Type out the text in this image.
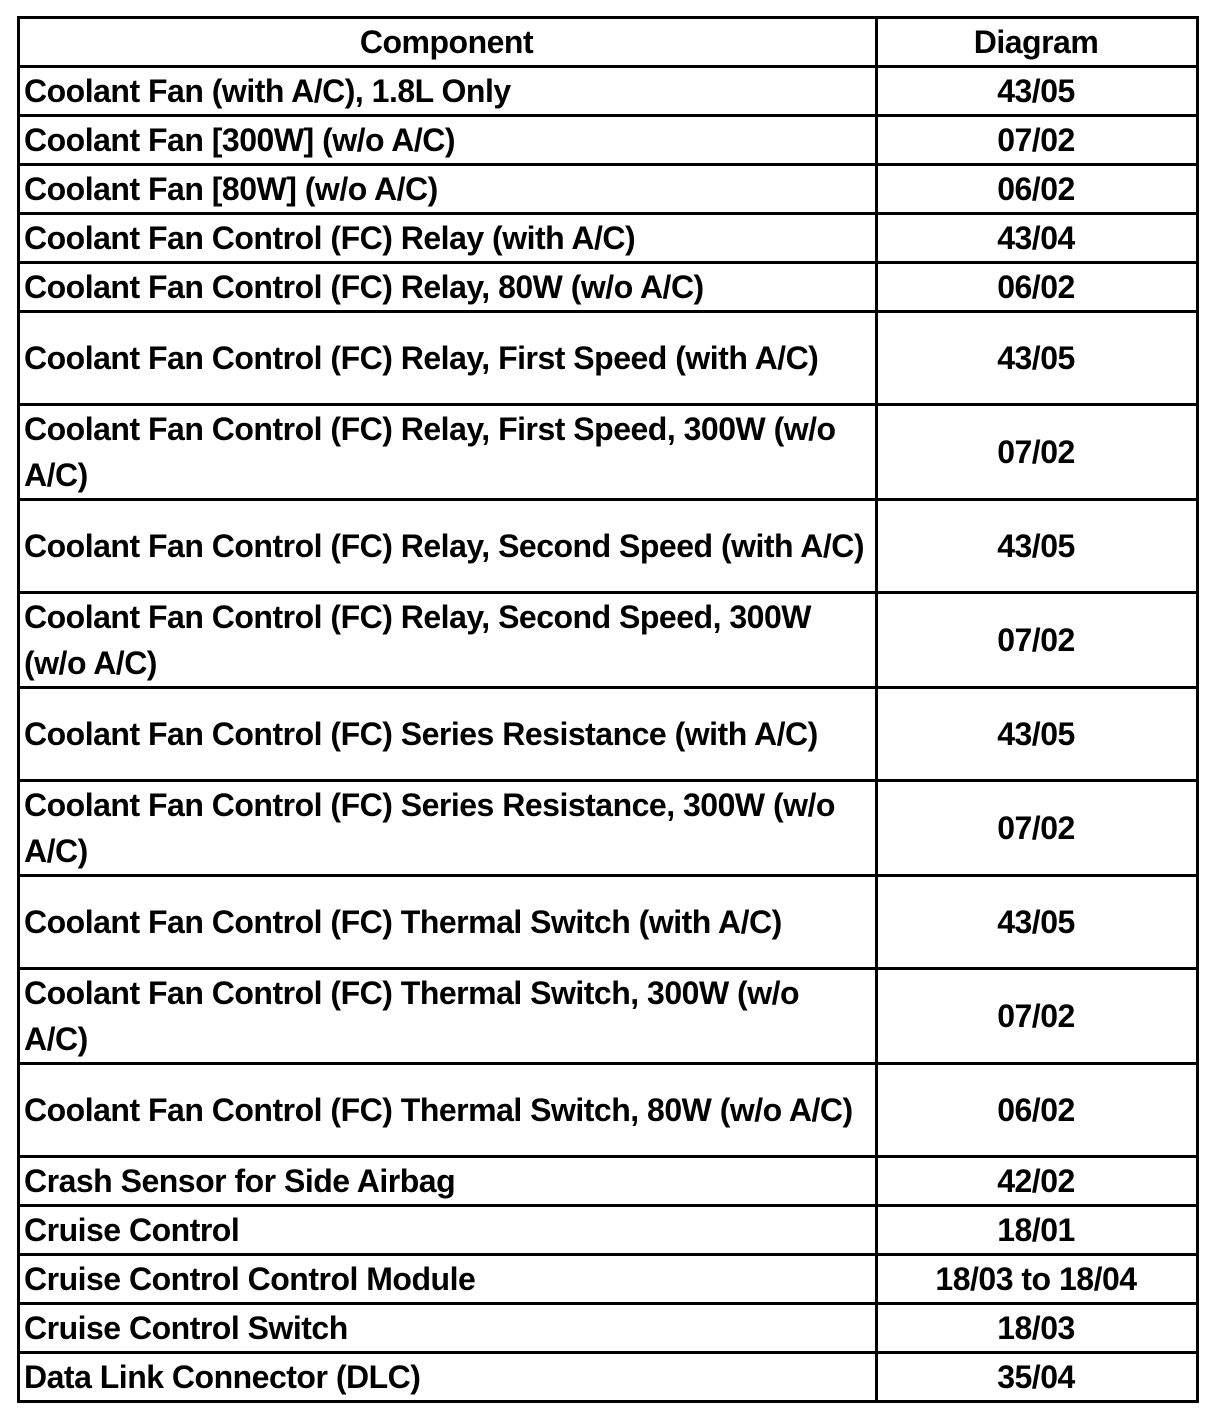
Component	Diagram
Coolant Fan (with A/C), 1.8L Only	43/05
Coolant Fan [300W] (w/o A/C)	07/02
Coolant Fan [80W] (w/o A/C)	06/02
Coolant Fan Control (FC) Relay (with A/C)	43/04
Coolant Fan Control (FC) Relay, 80W (w/o A/C)	06/02
Coolant Fan Control (FC) Relay, First Speed (with A/C)	43/05
Coolant Fan Control (FC) Relay, First Speed, 300W (w/o A/C)	07/02
Coolant Fan Control (FC) Relay, Second Speed (with A/C)	43/05
Coolant Fan Control (FC) Relay, Second Speed, 300W (w/o A/C)	07/02
Coolant Fan Control (FC) Series Resistance (with A/C)	43/05
Coolant Fan Control (FC) Series Resistance, 300W (w/o A/C)	07/02
Coolant Fan Control (FC) Thermal Switch (with A/C)	43/05
Coolant Fan Control (FC) Thermal Switch, 300W (w/o A/C)	07/02
Coolant Fan Control (FC) Thermal Switch, 80W (w/o A/C)	06/02
Crash Sensor for Side Airbag	42/02
Cruise Control	18/01
Cruise Control Control Module	18/03 to 18/04
Cruise Control Switch	18/03
Data Link Connector (DLC)	35/04
